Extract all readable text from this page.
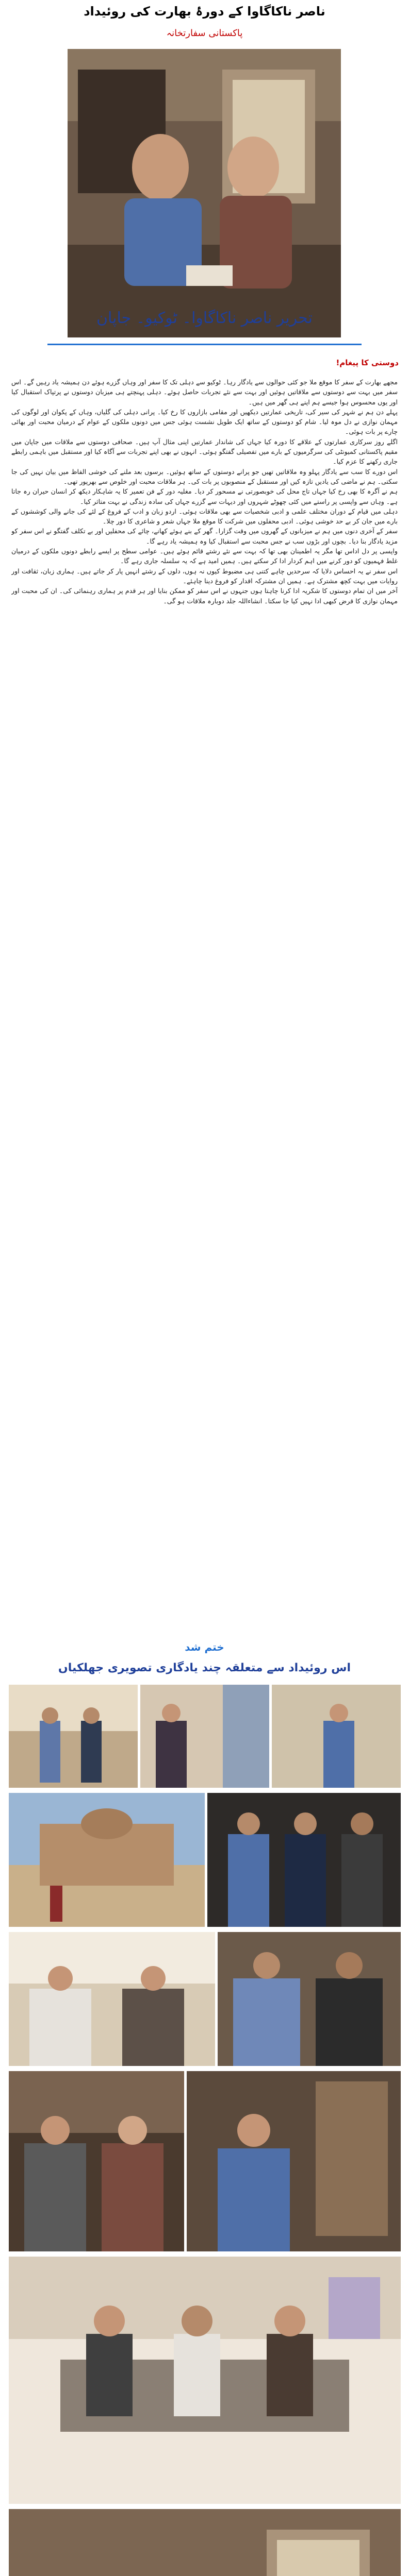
ناصر ناکاگاوا کے دورۂ بھارت کی روئیداد
پاکستانی سفارتخانہ
تحریر ناصر ناکاگاوا۔ ٹوکیو۔ جاپان
دوستی کا پیغام!

مجھے بھارت کے سفر کا موقع ملا جو کئی حوالوں سے یادگار رہا۔ ٹوکیو سے دہلی تک کا سفر اور وہاں گزرے ہوئے دن ہمیشہ یاد رہیں گے۔ اس سفر میں بہت سے دوستوں سے ملاقاتیں ہوئیں اور بہت سے نئے تجربات حاصل ہوئے۔ دہلی پہنچتے ہی میزبان دوستوں نے پرتپاک استقبال کیا اور یوں محسوس ہوا جیسے ہم اپنے ہی گھر میں ہیں۔

پہلے دن ہم نے شہر کی سیر کی، تاریخی عمارتیں دیکھیں اور مقامی بازاروں کا رخ کیا۔ پرانی دہلی کی گلیاں، وہاں کے پکوان اور لوگوں کی مہمان نوازی نے دل موہ لیا۔ شام کو دوستوں کے ساتھ ایک طویل نشست ہوئی جس میں دونوں ملکوں کے عوام کے درمیان محبت اور بھائی چارے پر بات ہوئی۔

اگلے روز سرکاری عمارتوں کے علاقے کا دورہ کیا جہاں کی شاندار عمارتیں اپنی مثال آپ ہیں۔ صحافی دوستوں سے ملاقات میں جاپان میں مقیم پاکستانی کمیونٹی کی سرگرمیوں کے بارے میں تفصیلی گفتگو ہوئی۔ انہوں نے بھی اپنے تجربات سے آگاہ کیا اور مستقبل میں باہمی رابطے جاری رکھنے کا عزم کیا۔

اس دورے کا سب سے یادگار پہلو وہ ملاقاتیں تھیں جو پرانے دوستوں کے ساتھ ہوئیں۔ برسوں بعد ملنے کی خوشی الفاظ میں بیان نہیں کی جا سکتی۔ ہم نے ماضی کی یادیں تازہ کیں اور مستقبل کے منصوبوں پر بات کی۔ ہر ملاقات محبت اور خلوص سے بھرپور تھی۔

ہم نے آگرہ کا بھی رخ کیا جہاں تاج محل کی خوبصورتی نے مسحور کر دیا۔ مغلیہ دور کے فن تعمیر کا یہ شاہکار دیکھ کر انسان حیران رہ جاتا ہے۔ وہاں سے واپسی پر راستے میں کئی چھوٹے شہروں اور دیہات سے گزرے جہاں کی سادہ زندگی نے بہت متاثر کیا۔

دہلی میں قیام کے دوران مختلف علمی و ادبی شخصیات سے بھی ملاقات ہوئی۔ اردو زبان و ادب کے فروغ کے لئے کی جانے والی کوششوں کے بارے میں جان کر بے حد خوشی ہوئی۔ ادبی محفلوں میں شرکت کا موقع ملا جہاں شعر و شاعری کا دور چلا۔

سفر کے آخری دنوں میں ہم نے میزبانوں کے گھروں میں وقت گزارا۔ گھر کے بنے ہوئے کھانے، چائے کی محفلیں اور بے تکلف گفتگو نے اس سفر کو مزید یادگار بنا دیا۔ بچوں اور بڑوں سب نے جس محبت سے استقبال کیا وہ ہمیشہ یاد رہے گا۔

واپسی پر دل اداس تھا مگر یہ اطمینان بھی تھا کہ بہت سے نئے رشتے قائم ہوئے ہیں۔ عوامی سطح پر ایسے رابطے دونوں ملکوں کے درمیان غلط فہمیوں کو دور کرنے میں اہم کردار ادا کر سکتے ہیں۔ ہمیں امید ہے کہ یہ سلسلہ جاری رہے گا۔

اس سفر نے یہ احساس دلایا کہ سرحدیں چاہے کتنی ہی مضبوط کیوں نہ ہوں، دلوں کے رشتے انہیں پار کر جاتے ہیں۔ ہماری زبان، ثقافت اور روایات میں بہت کچھ مشترک ہے۔ ہمیں ان مشترکہ اقدار کو فروغ دینا چاہئے۔

آخر میں ان تمام دوستوں کا شکریہ ادا کرنا چاہتا ہوں جنہوں نے اس سفر کو ممکن بنایا اور ہر قدم پر ہماری رہنمائی کی۔ ان کی محبت اور مہمان نوازی کا قرض کبھی ادا نہیں کیا جا سکتا۔ انشاءاللہ جلد دوبارہ ملاقات ہو گی۔

ختم شد
اس روئیداد سے متعلقہ چند یادگاری تصویری جھلکیاں
